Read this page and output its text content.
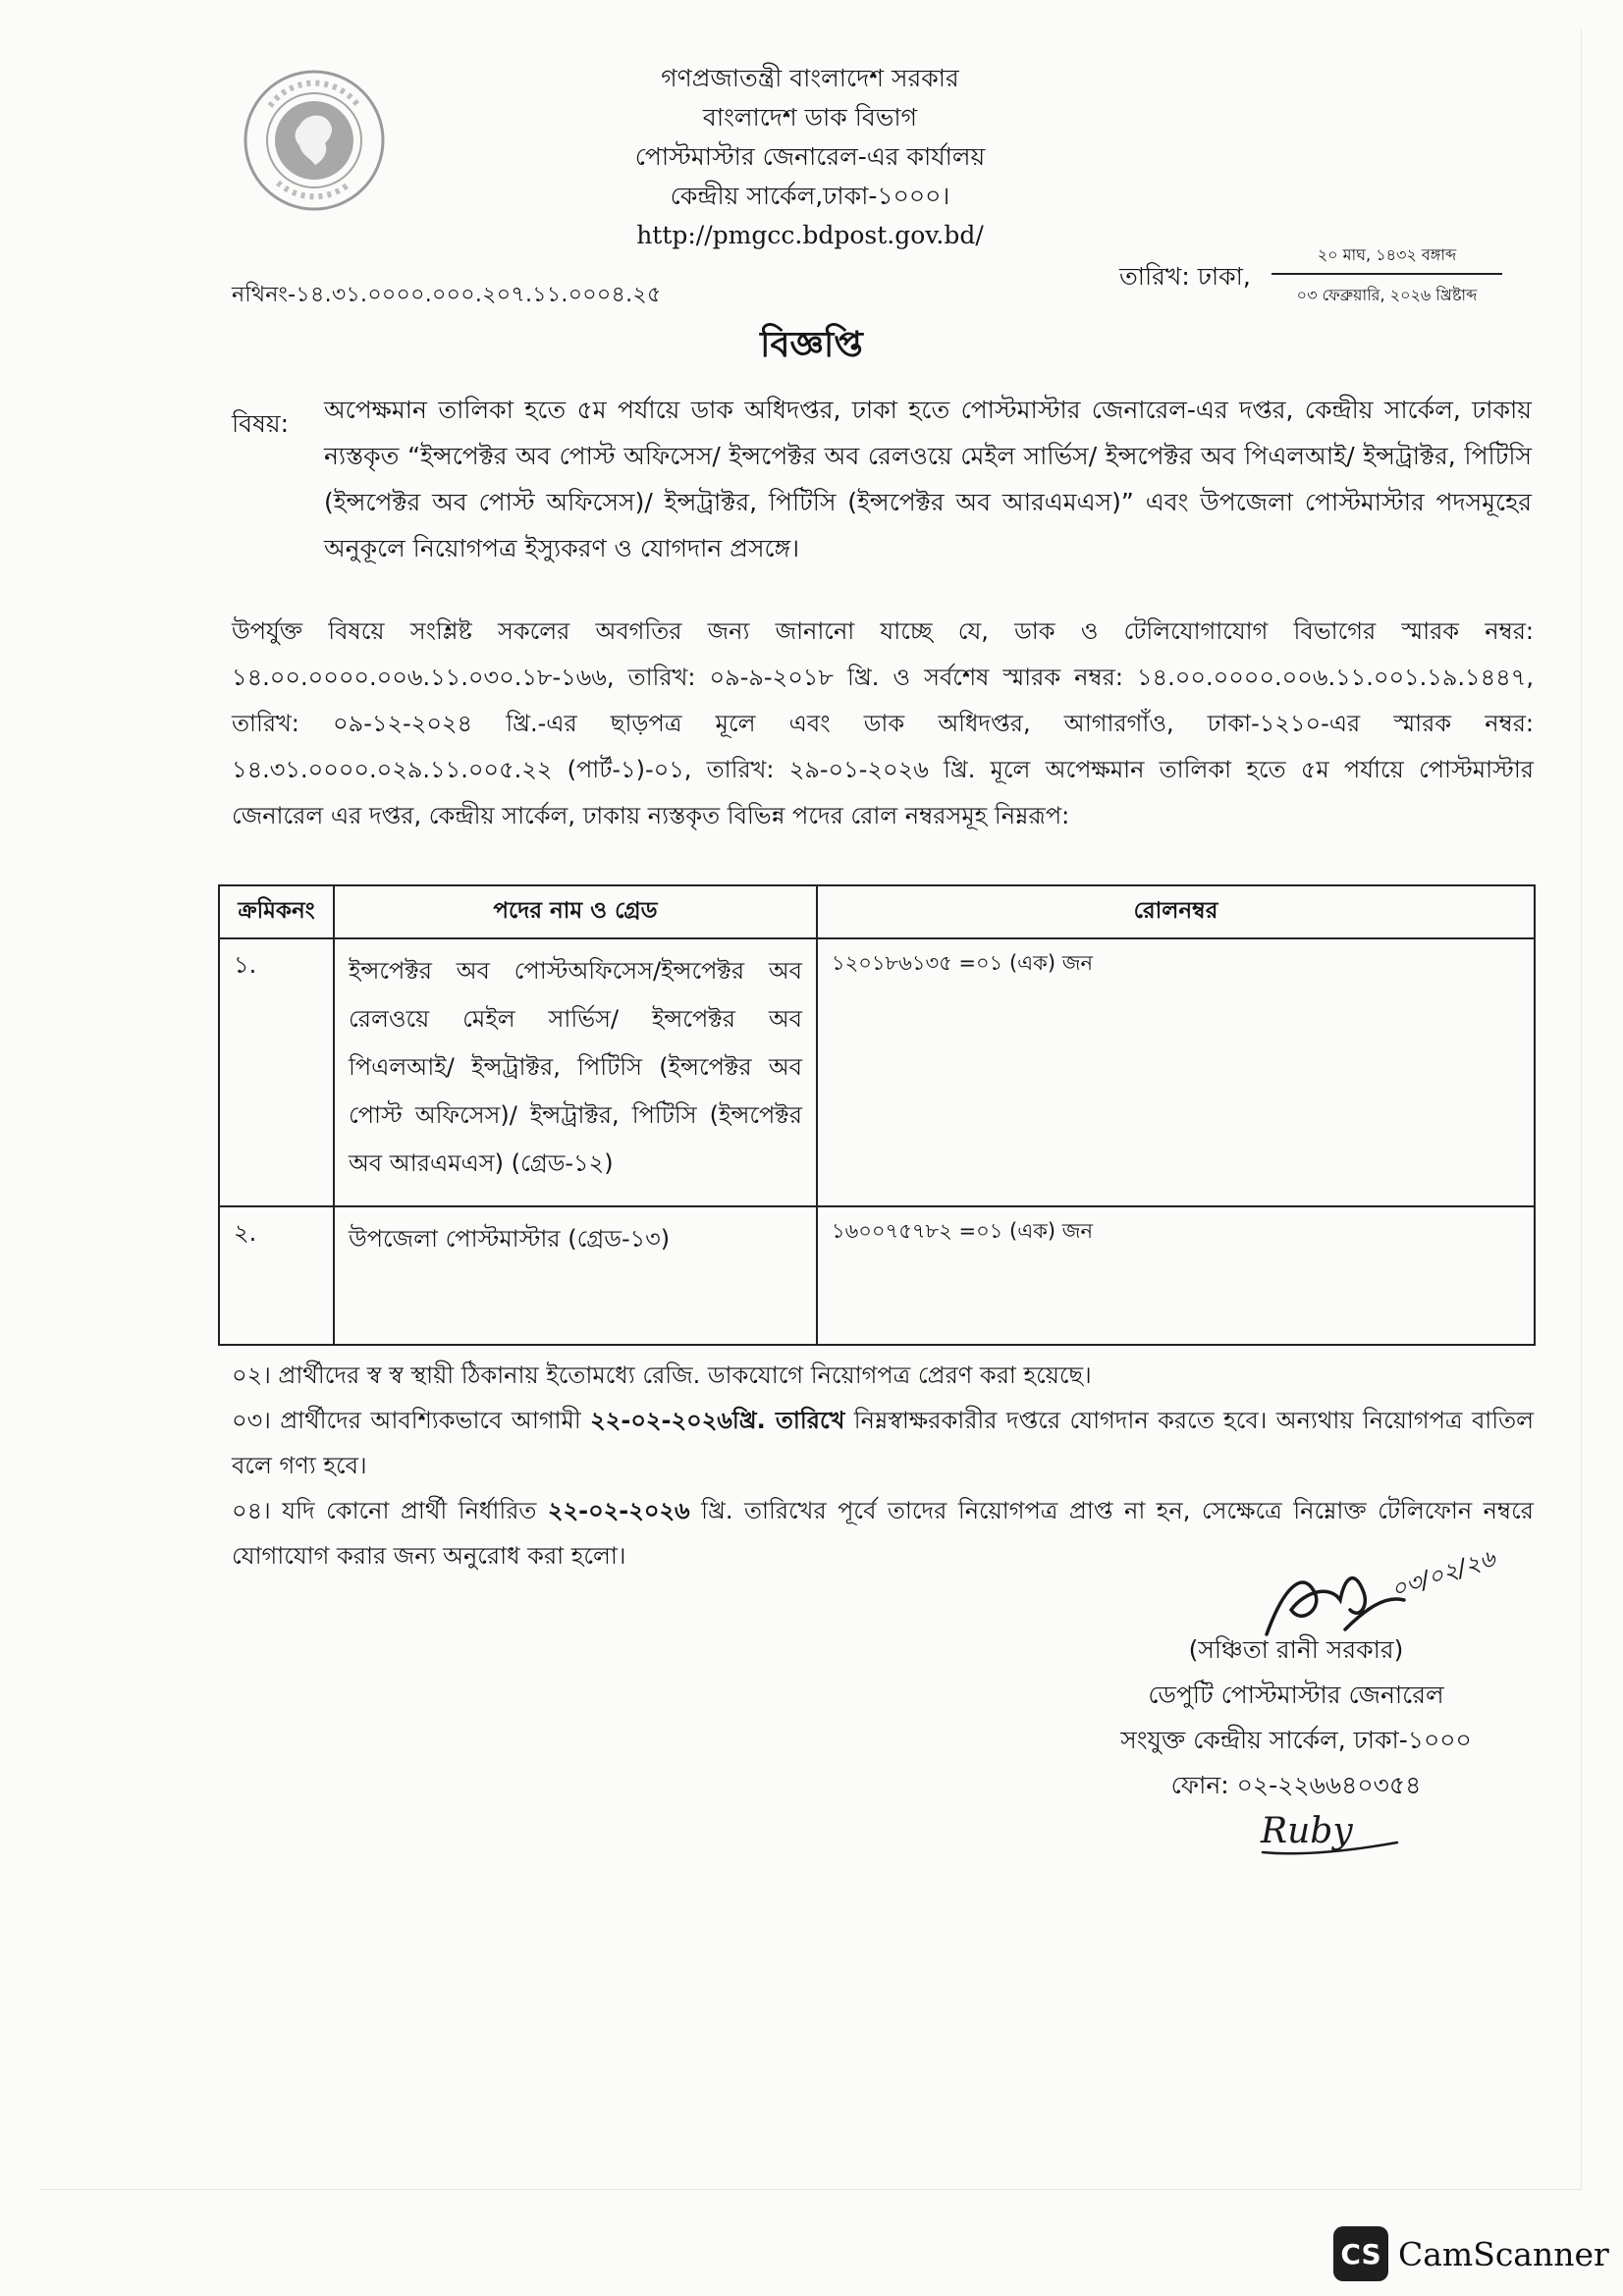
গণপ্রজাতন্ত্রী বাংলাদেশ সরকার
বাংলাদেশ ডাক বিভাগ
পোস্টমাস্টার জেনারেল-এর কার্যালয়
কেন্দ্রীয় সার্কেল,ঢাকা-১০০০।
http://pmgcc.bdpost.gov.bd/
তারিখ: ঢাকা,
২০ মাঘ, ১৪৩২ বঙ্গাব্দ
০৩ ফেব্রুয়ারি, ২০২৬ খ্রিষ্টাব্দ
নথিনং-১৪.৩১.০০০০.০০০.২০৭.১১.০০০৪.২৫
বিজ্ঞপ্তি
বিষয়: অপেক্ষমান তালিকা হতে ৫ম পর্যায়ে ডাক অধিদপ্তর, ঢাকা হতে পোস্টমাস্টার জেনারেল-এর দপ্তর, কেন্দ্রীয় সার্কেল, ঢাকায় ন্যস্তকৃত “ইন্সপেক্টর অব পোস্ট অফিসেস/ ইন্সপেক্টর অব রেলওয়ে মেইল সার্ভিস/ ইন্সপেক্টর অব পিএলআই/ ইন্সট্রাক্টর, পিটিসি (ইন্সপেক্টর অব পোস্ট অফিসেস)/ ইন্সট্রাক্টর, পিটিসি (ইন্সপেক্টর অব আরএমএস)” এবং উপজেলা পোস্টমাস্টার পদসমূহের অনুকূলে নিয়োগপত্র ইস্যুকরণ ও যোগদান প্রসঙ্গে।
উপর্যুক্ত বিষয়ে সংশ্লিষ্ট সকলের অবগতির জন্য জানানো যাচ্ছে যে, ডাক ও টেলিযোগাযোগ বিভাগের স্মারক নম্বর: ১৪.০০.০০০০.০০৬.১১.০৩০.১৮-১৬৬, তারিখ: ০৯-৯-২০১৮ খ্রি. ও সর্বশেষ স্মারক নম্বর: ১৪.০০.০০০০.০০৬.১১.০০১.১৯.১৪৪৭, তারিখ: ০৯-১২-২০২৪ খ্রি.-এর ছাড়পত্র মূলে এবং ডাক অধিদপ্তর, আগারগাঁও, ঢাকা-১২১০-এর স্মারক নম্বর: ১৪.৩১.০০০০.০২৯.১১.০০৫.২২ (পার্ট-১)-০১, তারিখ: ২৯-০১-২০২৬ খ্রি. মূলে অপেক্ষমান তালিকা হতে ৫ম পর্যায়ে পোস্টমাস্টার জেনারেল এর দপ্তর, কেন্দ্রীয় সার্কেল, ঢাকায় ন্যস্তকৃত বিভিন্ন পদের রোল নম্বরসমূহ নিম্নরূপ:
ক্রমিকনং	পদের নাম ও গ্রেড	রোলনম্বর
১.	ইন্সপেক্টর অব পোস্টঅফিসেস/ইন্সপেক্টর অব রেলওয়ে মেইল সার্ভিস/ ইন্সপেক্টর অব পিএলআই/ ইন্সট্রাক্টর, পিটিসি (ইন্সপেক্টর অব পোস্ট অফিসেস)/ ইন্সট্রাক্টর, পিটিসি (ইন্সপেক্টর অব আরএমএস) (গ্রেড-১২)	১২০১৮৬১৩৫ =০১ (এক) জন
২.	উপজেলা পোস্টমাস্টার (গ্রেড-১৩)	১৬০০৭৫৭৮২ =০১ (এক) জন

০২। প্রার্থীদের স্ব স্ব স্থায়ী ঠিকানায় ইতোমধ্যে রেজি. ডাকযোগে নিয়োগপত্র প্রেরণ করা হয়েছে।

০৩। প্রার্থীদের আবশ্যিকভাবে আগামী ২২-০২-২০২৬খ্রি. তারিখে নিম্নস্বাক্ষরকারীর দপ্তরে যোগদান করতে হবে। অন্যথায় নিয়োগপত্র বাতিল বলে গণ্য হবে।

০৪। যদি কোনো প্রার্থী নির্ধারিত ২২-০২-২০২৬ খ্রি. তারিখের পূর্বে তাদের নিয়োগপত্র প্রাপ্ত না হন, সেক্ষেত্রে নিম্নোক্ত টেলিফোন নম্বরে যোগাযোগ করার জন্য অনুরোধ করা হলো।	০৩/০২/২৬
(সঞ্চিতা রানী সরকার)
ডেপুটি পোস্টমাস্টার জেনারেল
সংযুক্ত কেন্দ্রীয় সার্কেল, ঢাকা-১০০০
ফোন: ০২-২২৬৬৪০৩৫৪
Ruby
CS CamScanner
